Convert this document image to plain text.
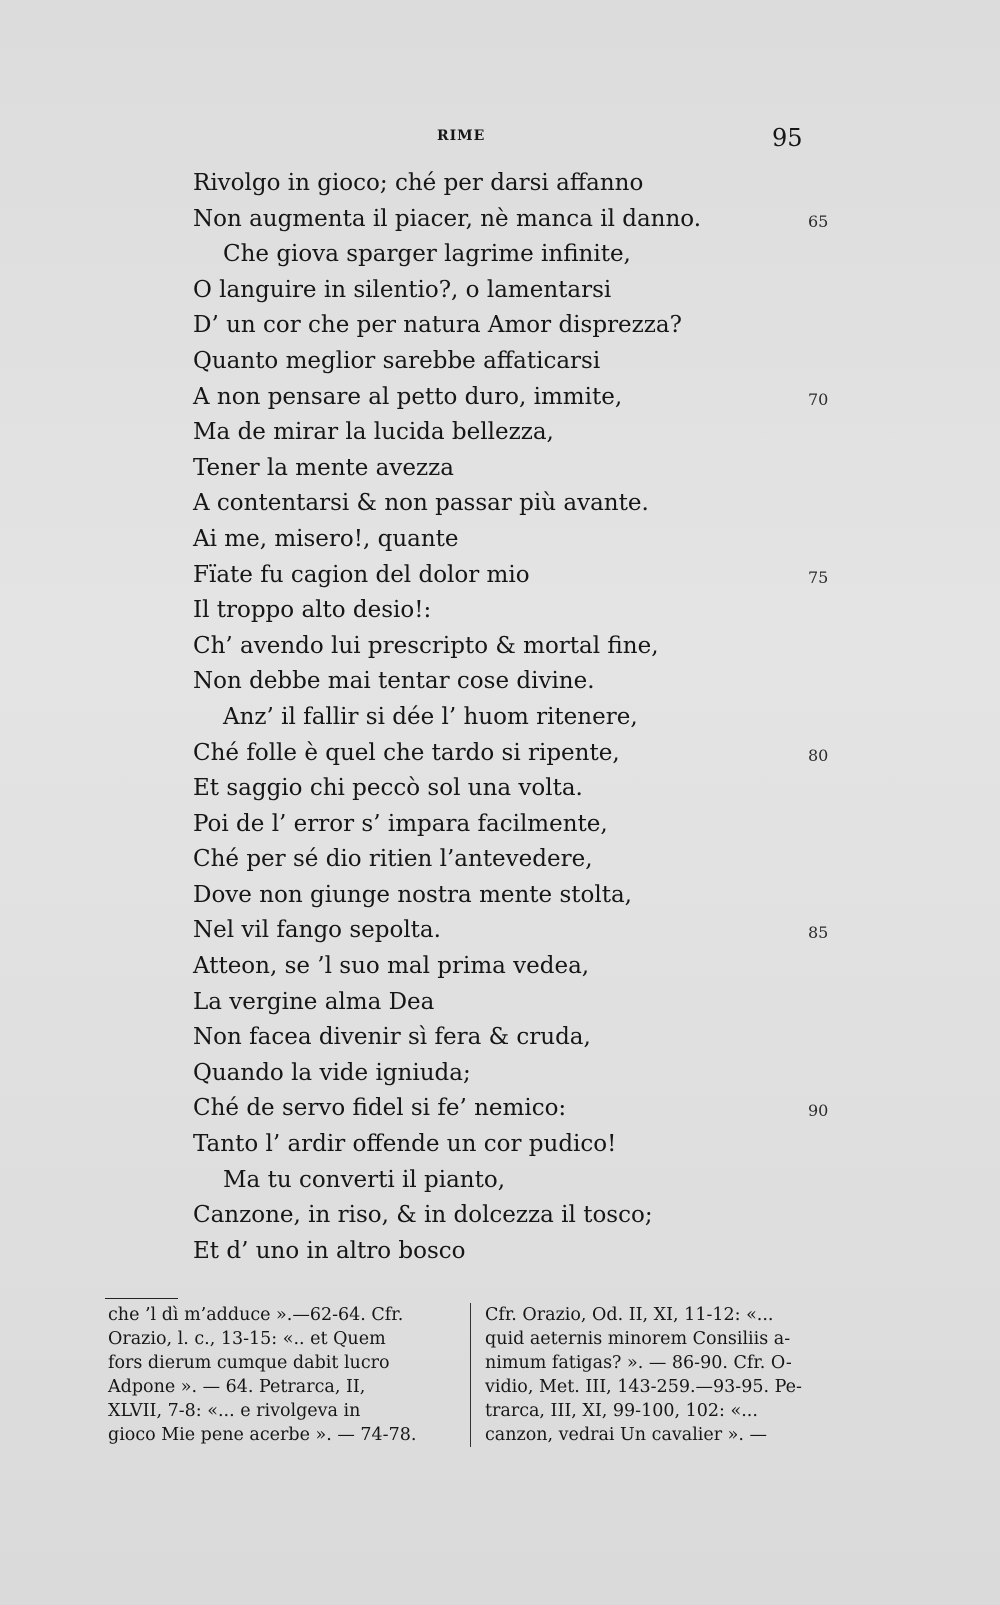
RIME	95
Rivolgo in gioco; ché per darsi affanno
Non augmenta il piacer, nè manca il danno.	65
Che giova sparger lagrime infinite,
O languire in silentio?, o lamentarsi
D’ un cor che per natura Amor disprezza?
Quanto meglior sarebbe affaticarsi
A non pensare al petto duro, immite,	70
Ma de mirar la lucida bellezza,
Tener la mente avezza
A contentarsi & non passar più avante.
Ai me, misero!, quante
Fïate fu cagion del dolor mio	75
Il troppo alto desio!:
Ch’ avendo lui prescripto & mortal fine,
Non debbe mai tentar cose divine.
Anz’ il fallir si dée l’ huom ritenere,
Ché folle è quel che tardo si ripente,	80
Et saggio chi peccò sol una volta.
Poi de l’ error s’ impara facilmente,
Ché per sé dio ritien l’antevedere,
Dove non giunge nostra mente stolta,
Nel vil fango sepolta.	85
Atteon, se ’l suo mal prima vedea,
La vergine alma Dea
Non facea divenir sì fera & cruda,
Quando la vide igniuda;
Ché de servo fidel si fe’ nemico:	90
Tanto l’ ardir offende un cor pudico!
Ma tu converti il pianto,
Canzone, in riso, & in dolcezza il tosco;
Et d’ uno in altro bosco
che ’l dì m’adduce ».—62-64. Cfr.
Orazio, l. c., 13-15: «.. et Quem
fors dierum cumque dabit lucro
Adpone ». — 64. Petrarca, II,
XLVII, 7-8: «... e rivolgeva in
gioco Mie pene acerbe ». — 74-78.
Cfr. Orazio, Od. II, XI, 11-12: «...
quid aeternis minorem Consiliis a-
nimum fatigas? ». — 86-90. Cfr. O-
vidio, Met. III, 143-259.—93-95. Pe-
trarca, III, XI, 99-100, 102: «...
canzon, vedrai Un cavalier ». —
